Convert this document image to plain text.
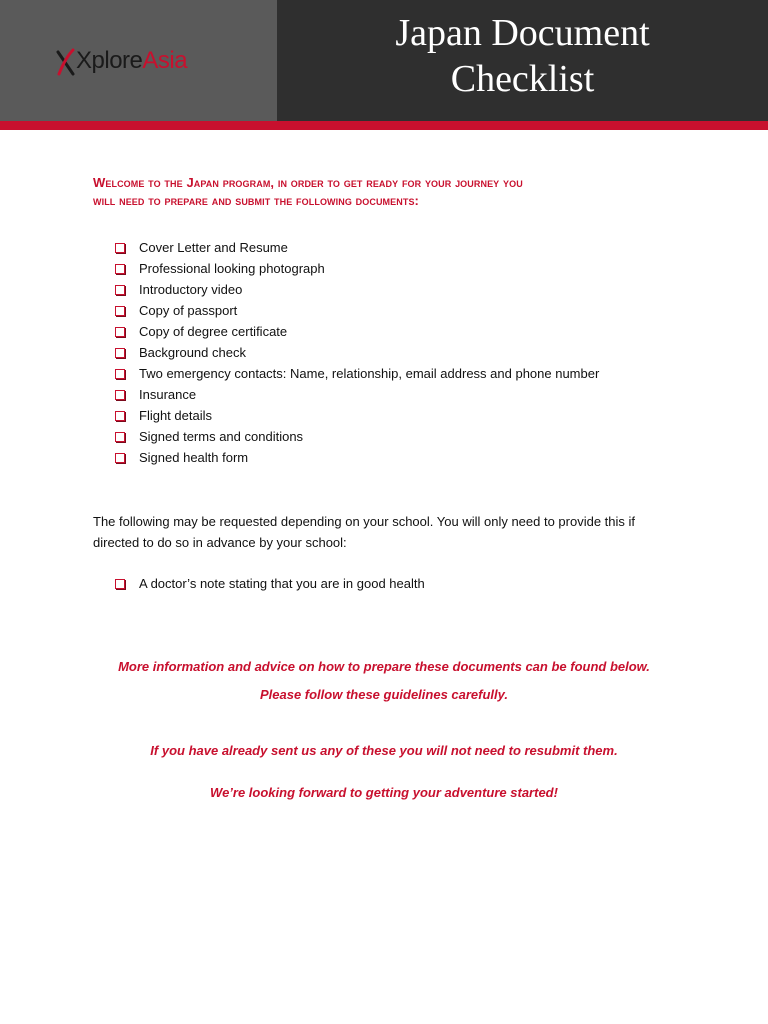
Xplore Asia
Japan Document
Checklist
Welcome to the Japan program, in order to get ready for your journey you
will need to prepare and submit the following documents:
Cover Letter and Resume
Professional looking photograph
Introductory video
Copy of passport
Copy of degree certificate
Background check
Two emergency contacts: Name, relationship, email address and phone number
Insurance
Flight details
Signed terms and conditions
Signed health form
The following may be requested depending on your school. You will only need to provide this if
directed to do so in advance by your school:
A doctor’s note stating that you are in good health
More information and advice on how to prepare these documents can be found below.
Please follow these guidelines carefully.
If you have already sent us any of these you will not need to resubmit them.
We’re looking forward to getting your adventure started!
